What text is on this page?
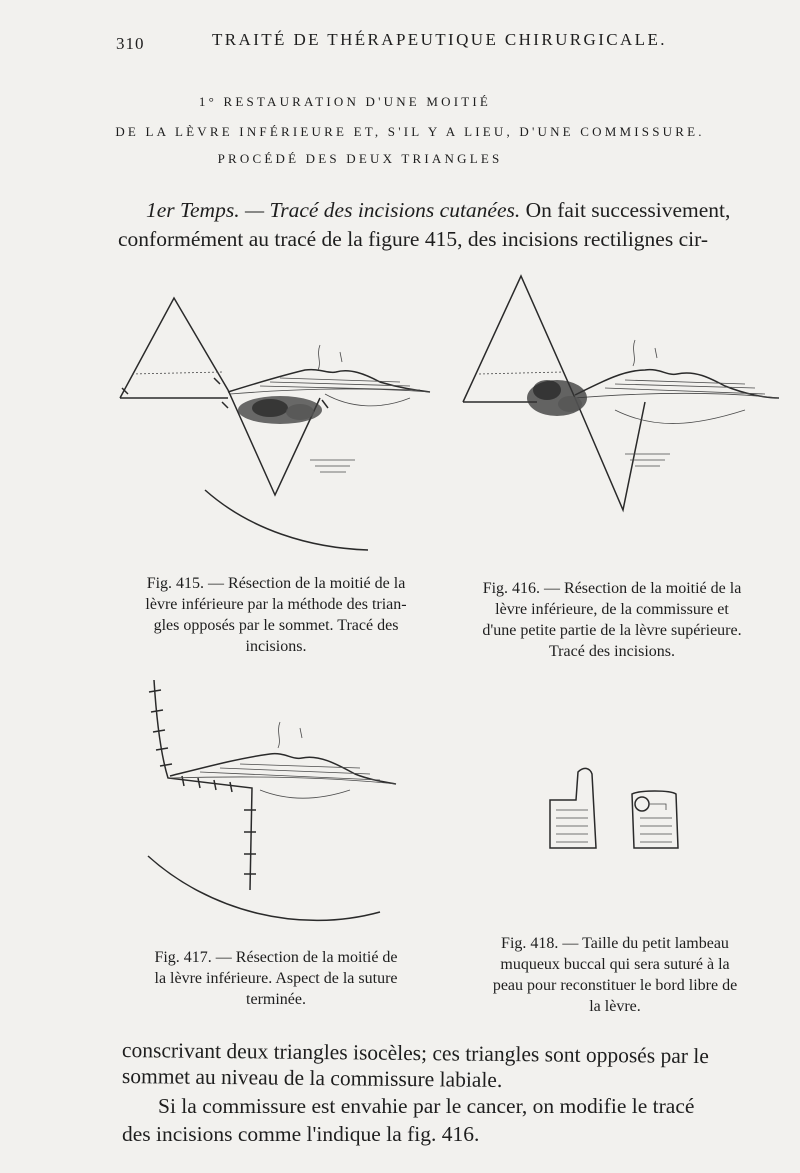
310	TRAITÉ DE THÉRAPEUTIQUE CHIRURGICALE.
1° RESTAURATION D'UNE MOITIÉ
DE LA LÈVRE INFÉRIEURE ET, S'IL Y A LIEU, D'UNE COMMISSURE.
PROCÉDÉ DES DEUX TRIANGLES
1er Temps. — Tracé des incisions cutanées. On fait successivement,
conformément au tracé de la figure 415, des incisions rectilignes cir-
Fig. 415. — Résection de la moitié de la
lèvre inférieure par la méthode des trian-
gles opposés par le sommet. Tracé des
incisions.
Fig. 416. — Résection de la moitié de la
lèvre inférieure, de la commissure et
d'une petite partie de la lèvre supérieure.
Tracé des incisions.
Fig. 417. — Résection de la moitié de
la lèvre inférieure. Aspect de la suture
terminée.
Fig. 418. — Taille du petit lambeau
muqueux buccal qui sera suturé à la
peau pour reconstituer le bord libre de
la lèvre.
conscrivant deux triangles isocèles; ces triangles sont opposés par le
sommet au niveau de la commissure labiale.
Si la commissure est envahie par le cancer, on modifie le tracé
des incisions comme l'indique la fig. 416.
